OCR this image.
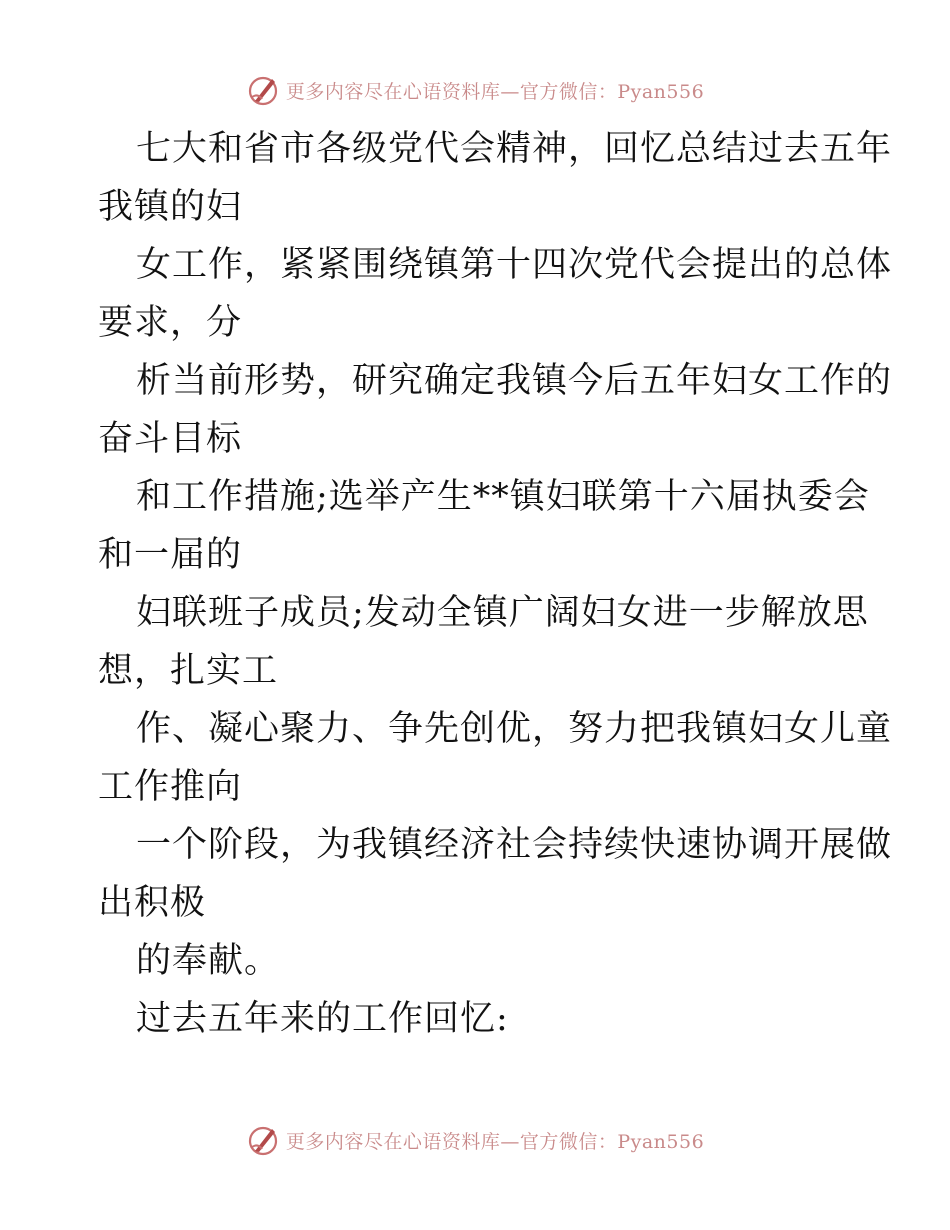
更多内容尽在心语资料库—官方微信：Pyan556
七大和省市各级党代会精神，回忆总结过去五年
我镇的妇
女工作，紧紧围绕镇第十四次党代会提出的总体
要求，分
析当前形势，研究确定我镇今后五年妇女工作的
奋斗目标
和工作措施;选举产生**镇妇联第十六届执委会
和一届的
妇联班子成员;发动全镇广阔妇女进一步解放思
想，扎实工
作、凝心聚力、争先创优，努力把我镇妇女儿童
工作推向
一个阶段，为我镇经济社会持续快速协调开展做
出积极
的奉献。
过去五年来的工作回忆:
更多内容尽在心语资料库—官方微信：Pyan556
